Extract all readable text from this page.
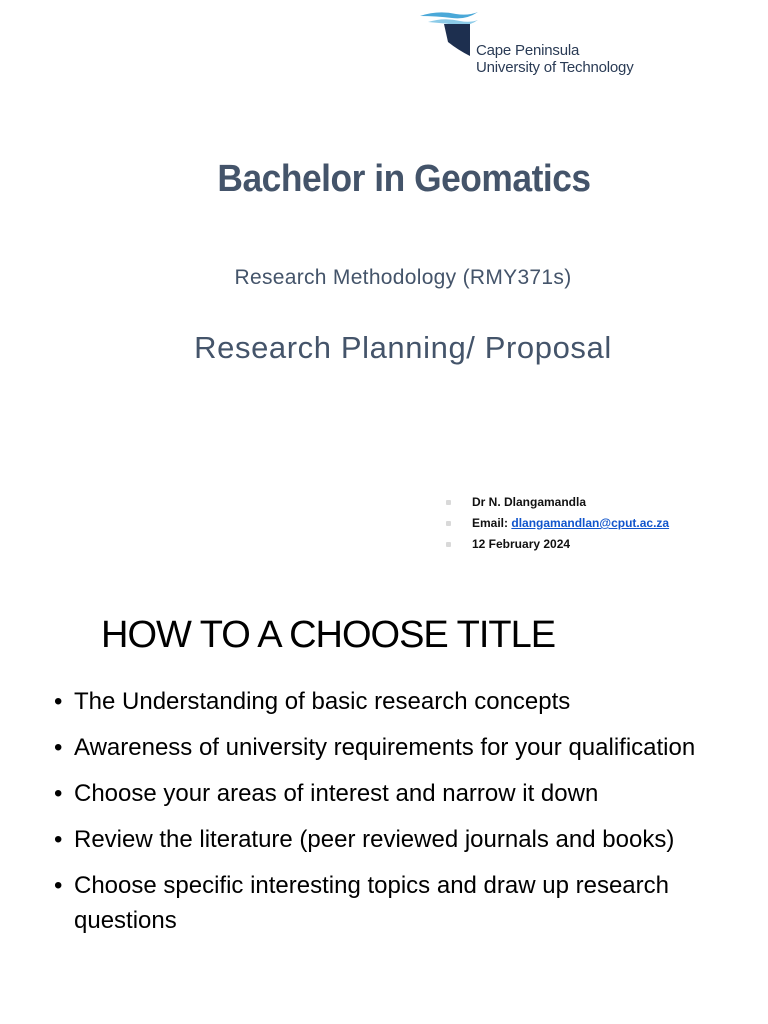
Cape Peninsula
University of Technology
Bachelor in Geomatics
Research Methodology (RMY371s)
Research Planning/ Proposal
Dr N. Dlangamandla
Email: dlangamandlan@cput.ac.za
12 February 2024
HOW TO A CHOOSE TITLE
• The Understanding of basic research concepts
• Awareness of university requirements for your qualification
• Choose your areas of interest and narrow it down
• Review the literature (peer reviewed journals and books)
• Choose specific interesting topics and draw up research questions
